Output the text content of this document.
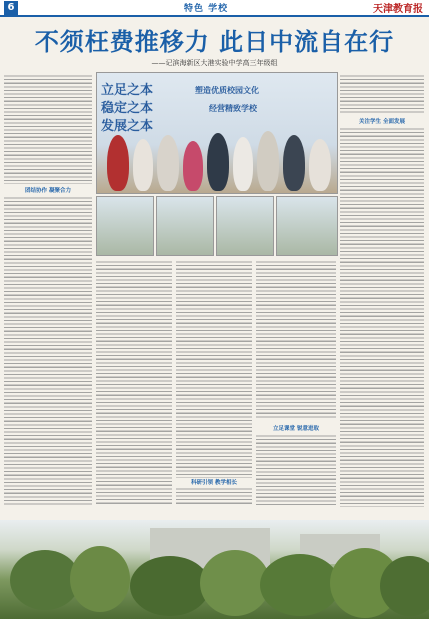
6	特色 学校	天津教育报
不须枉费推移力 此日中流自在行
——记滨海新区大港实验中学高三年级组
团结协作 凝聚合力
立足之本
稳定之本
发展之本
塑造优质校园文化
经营精致学校
关注学生 全面发展
立足课堂 锐意进取
科研引领 教学相长
